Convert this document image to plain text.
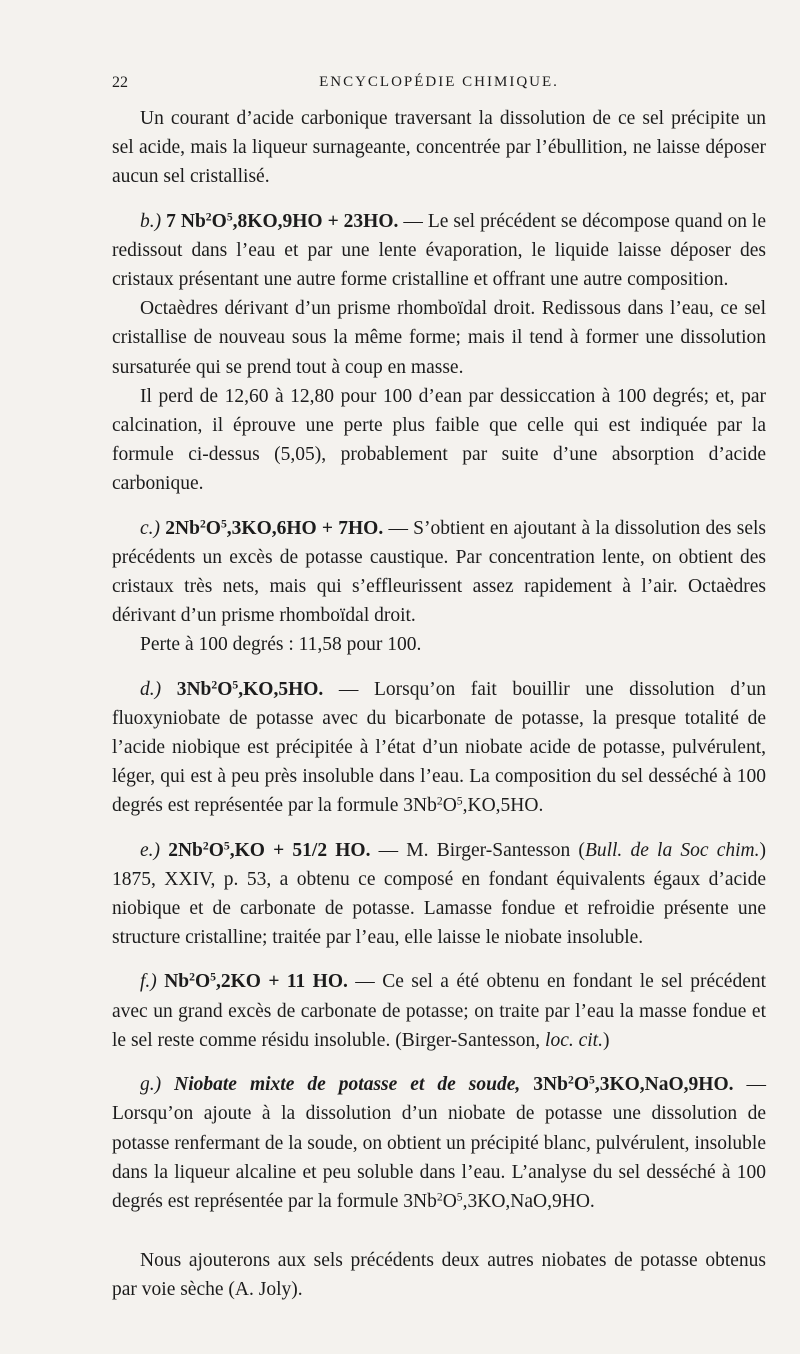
22	ENCYCLOPÉDIE CHIMIQUE.

Un courant d’acide carbonique traversant la dissolution de ce sel précipite un sel acide, mais la liqueur surnageante, concentrée par l’ébullition, ne laisse déposer aucun sel cristallisé.

b.) 7 $Nb^2O^5,8KO,9HO + 23HO$. — Le sel précédent se décompose quand on le redissout dans l’eau et par une lente évaporation, le liquide laisse déposer des cristaux présentant une autre forme cristalline et offrant une autre composition.

Octaèdres dérivant d’un prisme rhomboïdal droit. Redissous dans l’eau, ce sel cristallise de nouveau sous la même forme; mais il tend à former une dissolution sursaturée qui se prend tout à coup en masse.

Il perd de 12,60 à 12,80 pour 100 d’ean par dessiccation à 100 degrés; et, par calcination, il éprouve une perte plus faible que celle qui est indiquée par la formule ci-dessus (5,05), probablement par suite d’une absorption d’acide carbonique.

c.) $2Nb^2O^5,3KO,6HO + 7HO$. — S’obtient en ajoutant à la dissolution des sels précédents un excès de potasse caustique. Par concentration lente, on obtient des cristaux très nets, mais qui s’effleurissent assez rapidement à l’air. Octaèdres dérivant d’un prisme rhomboïdal droit.

Perte à 100 degrés : 11,58 pour 100.

d.) $3Nb^2O^5,KO,5HO$. — Lorsqu’on fait bouillir une dissolution d’un fluoxyniobate de potasse avec du bicarbonate de potasse, la presque totalité de l’acide niobique est précipitée à l’état d’un niobate acide de potasse, pulvérulent, léger, qui est à peu près insoluble dans l’eau. La composition du sel desséché à 100 degrés est représentée par la formule $3Nb^2O^5,KO,5HO$.

e.) $2Nb^2O^5,KO + 51/2$ HO. — M. Birger-Santesson (Bull. de la Soc chim.) 1875, XXIV, p. 53, a obtenu ce composé en fondant équivalents égaux d’acide niobique et de carbonate de potasse. Lamasse fondue et refroidie présente une structure cristalline; traitée par l’eau, elle laisse le niobate insoluble.

f.) $Nb^2O^5,2KO + 11$ HO. — Ce sel a été obtenu en fondant le sel précédent avec un grand excès de carbonate de potasse; on traite par l’eau la masse fondue et le sel reste comme résidu insoluble. (Birger-Santesson, loc. cit.)

g.) Niobate mixte de potasse et de soude, $3Nb^2O^5,3KO,NaO,9HO$. — Lorsqu’on ajoute à la dissolution d’un niobate de potasse une dissolution de potasse renfermant de la soude, on obtient un précipité blanc, pulvérulent, insoluble dans la liqueur alcaline et peu soluble dans l’eau. L’analyse du sel desséché à 100 degrés est représentée par la formule $3Nb^2O^5,3KO,NaO,9HO$.

Nous ajouterons aux sels précédents deux autres niobates de potasse obtenus par voie sèche (A. Joly).
